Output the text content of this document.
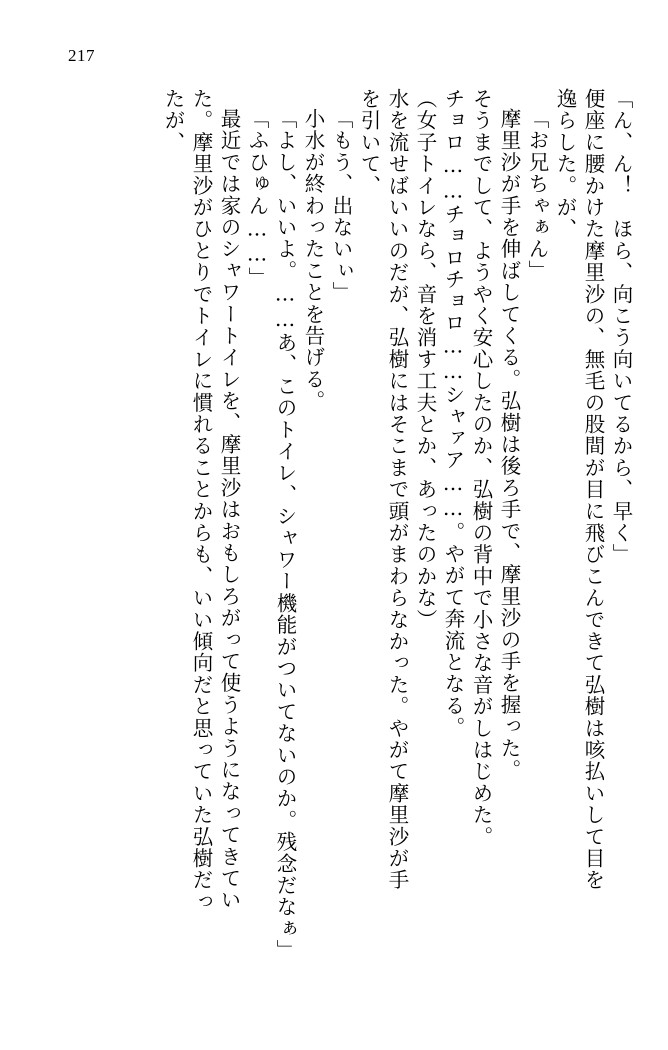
217
「ん、ん！　ほら、向こう向いてるから、早く」
便座に腰かけた摩里沙の、無毛の股間が目に飛びこんできて弘樹は咳払いして目を
逸らした。が、
「お兄ちゃぁん」
摩里沙が手を伸ばしてくる。弘樹は後ろ手で、摩里沙の手を握った。
そうまでして、ようやく安心したのか、弘樹の背中で小さな音がしはじめた。
チョロ……チョロチョロ……シャァア……。やがて奔流となる。
（女子トイレなら、音を消す工夫とか、あったのかな）
水を流せばいいのだが、弘樹にはそこまで頭がまわらなかった。やがて摩里沙が手
を引いて、
「もう、出ないぃ」
小水が終わったことを告げる。
「よし、いいよ。……あ、このトイレ、シャワー機能がついてないのか。残念だなぁ」
「ふひゅん……」
最近では家のシャワートイレを、摩里沙はおもしろがって使うようになってきてい
た。摩里沙がひとりでトイレに慣れることからも、いい傾向だと思っていた弘樹だっ
たが、
